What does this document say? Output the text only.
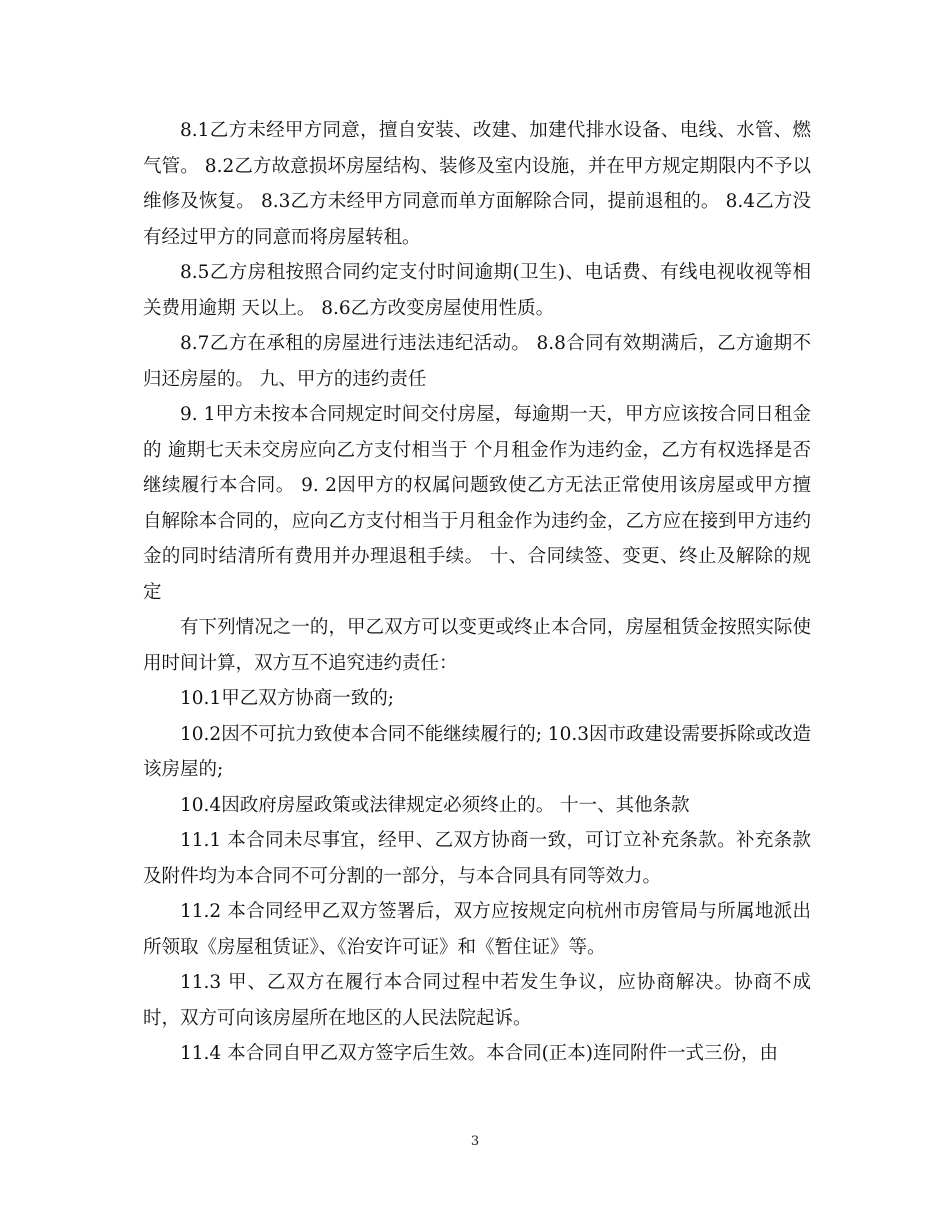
8.1乙方未经甲方同意，擅自安装、改建、加建代排水设备、电线、水管、燃气管。 8.2乙方故意损坏房屋结构、装修及室内设施，并在甲方规定期限内不予以维修及恢复。 8.3乙方未经甲方同意而单方面解除合同，提前退租的。 8.4乙方没有经过甲方的同意而将房屋转租。

8.5乙方房租按照合同约定支付时间逾期(卫生)、电话费、有线电视收视等相关费用逾期 天以上。 8.6乙方改变房屋使用性质。

8.7乙方在承租的房屋进行违法违纪活动。 8.8合同有效期满后，乙方逾期不归还房屋的。 九、甲方的违约责任

9. 1甲方未按本合同规定时间交付房屋，每逾期一天，甲方应该按合同日租金的 逾期七天未交房应向乙方支付相当于 个月租金作为违约金，乙方有权选择是否继续履行本合同。 9. 2因甲方的权属问题致使乙方无法正常使用该房屋或甲方擅自解除本合同的，应向乙方支付相当于月租金作为违约金，乙方应在接到甲方违约金的同时结清所有费用并办理退租手续。 十、合同续签、变更、终止及解除的规定

有下列情况之一的，甲乙双方可以变更或终止本合同，房屋租赁金按照实际使用时间计算，双方互不追究违约责任：

10.1甲乙双方协商一致的;

10.2因不可抗力致使本合同不能继续履行的; 10.3因市政建设需要拆除或改造该房屋的;

10.4因政府房屋政策或法律规定必须终止的。 十一、其他条款

11.1 本合同未尽事宜，经甲、乙双方协商一致，可订立补充条款。补充条款及附件均为本合同不可分割的一部分，与本合同具有同等效力。

11.2 本合同经甲乙双方签署后，双方应按规定向杭州市房管局与所属地派出所领取《房屋租赁证》、《治安许可证》和《暂住证》等。

11.3 甲、乙双方在履行本合同过程中若发生争议，应协商解决。协商不成时，双方可向该房屋所在地区的人民法院起诉。

11.4 本合同自甲乙双方签字后生效。本合同(正本)连同附件一式三份，由

3
